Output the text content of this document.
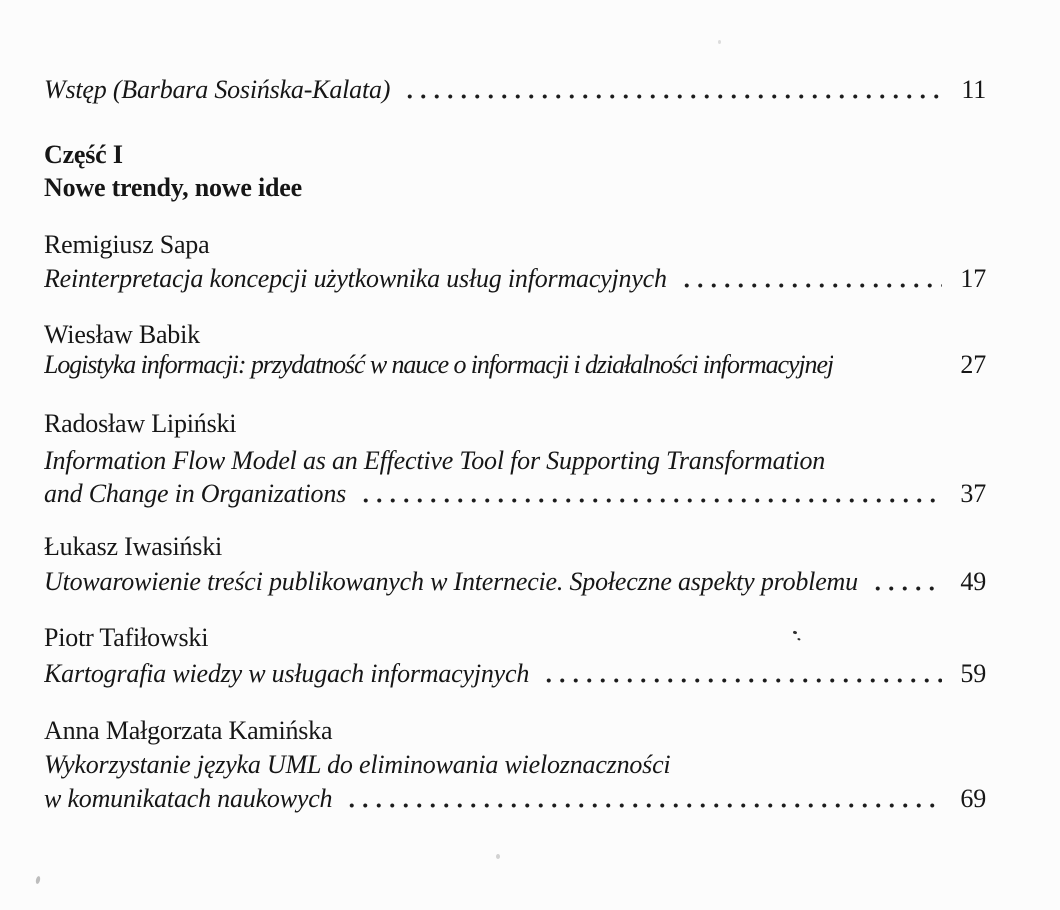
Wstęp (Barbara Sosińska-Kalata)	11
Część I
Nowe trendy, nowe idee
Remigiusz Sapa
Reinterpretacja koncepcji użytkownika usług informacyjnych	17
Wiesław Babik
Logistyka informacji: przydatność w nauce o informacji i działalności informacyjnej	27
Radosław Lipiński
Information Flow Model as an Effective Tool for Supporting Transformation
and Change in Organizations	37
Łukasz Iwasiński
Utowarowienie treści publikowanych w Internecie. Społeczne aspekty problemu	49
Piotr Tafiłowski
Kartografia wiedzy w usługach informacyjnych	59
Anna Małgorzata Kamińska
Wykorzystanie języka UML do eliminowania wieloznaczności
w komunikatach naukowych	69
